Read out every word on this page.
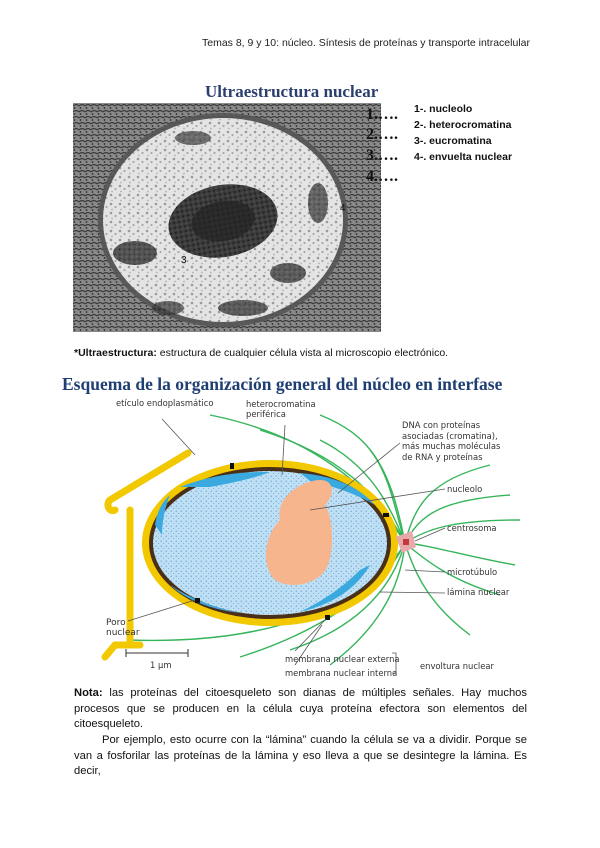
Temas 8, 9 y 10: núcleo. Síntesis de proteínas y transporte intracelular
Ultraestructura nuclear
3
4
1.….
2.….
3.….
4.….
1-. nucleolo
2-. heterocromatina
3-. eucromatina
4-. envuelta nuclear
*Ultraestructura: estructura de cualquier célula vista al microscopio electrónico.
Esquema de la organización general del núcleo en interfase
etículo endoplasmático	heterocromatina periférica
DNA con proteínas asociadas (cromatina), más muchas moléculas de RNA y proteínas
nucleolo
centrosoma
microtúbulo
lámina nuclear
Poro nuclear
1 µm
membrana nuclear externa
membrana nuclear interna
envoltura nuclear
Nota: las proteínas del citoesqueleto son dianas de múltiples señales. Hay muchos procesos que se producen en la célula cuya proteína efectora son elementos del citoesqueleto.
Por ejemplo, esto ocurre con la “lámina” cuando la célula se va a dividir. Porque se van a fosforilar las proteínas de la lámina y eso lleva a que se desintegre la lámina. Es decir,
